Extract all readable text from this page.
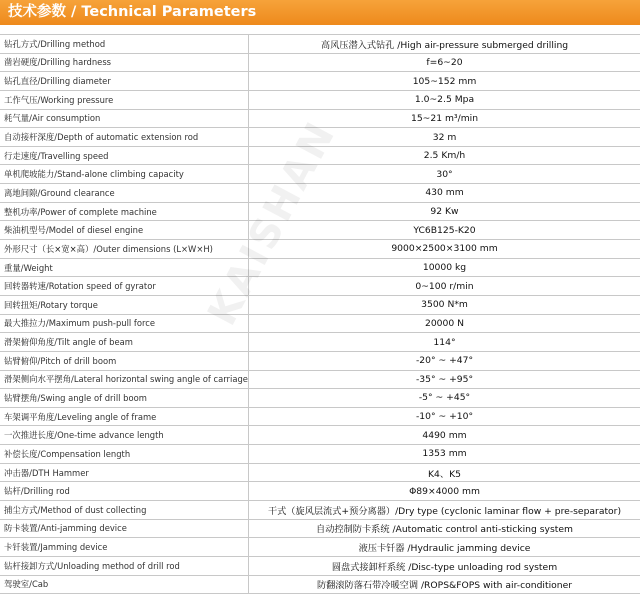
技术参数 / Technical Parameters
钻孔方式 /Drilling method	高风压潜入式钻孔 /High air-pressure submerged drilling
凿岩硬度 /Drilling hardness	f=6~20
钻孔直径 /Drilling diameter	105~152 mm
工作气压 /Working pressure	1.0~2.5 Mpa
耗气量 /Air consumption	15~21 m³/min
自动接杆深度 /Depth of automatic extension rod	32 m
行走速度 /Travelling speed	2.5 Km/h
单机爬坡能力 /Stand-alone climbing capacity	30°
离地间隙 /Ground clearance	430 mm
整机功率 /Power of complete machine	92 Kw
柴油机型号 /Model of diesel engine	YC6B125-K20
外形尺寸（长×宽×高） /Outer dimensions (L×W×H)	9000×2500×3100 mm
重量 /Weight	10000 kg
回转器转速 /Rotation speed of gyrator	0~100 r/min
回转扭矩 /Rotary torque	3500 N*m
最大推拉力 /Maximum push-pull force	20000 N
滑架俯仰角度 /Tilt angle of beam	114°
钻臂俯仰 /Pitch of drill boom	-20° ~ +47°
滑架侧向水平摆角 /Lateral horizontal swing angle of carriage	-35° ~ +95°
钻臂摆角 /Swing angle of drill boom	-5° ~ +45°
车架调平角度 /Leveling angle of frame	-10° ~ +10°
一次推进长度 /One-time advance length	4490 mm
补偿长度 /Compensation length	1353 mm
冲击器 /DTH Hammer	K4、K5
钻杆 /Drilling rod	Φ89×4000 mm
捕尘方式 /Method of dust collecting	干式（旋风层流式+预分离器）/Dry type (cyclonic laminar flow + pre-separator)
防卡装置 /Anti-jamming device	自动控制防卡系统 /Automatic control anti-sticking system
卡钎装置 /Jamming device	液压卡钎器 /Hydraulic jamming device
钻杆接卸方式 /Unloading method of drill rod	圆盘式接卸杆系统 /Disc-type unloading rod system
驾驶室 /Cab	防翻滚防落石带冷暖空调 /ROPS&FOPS with air-conditioner
KAISHAN
